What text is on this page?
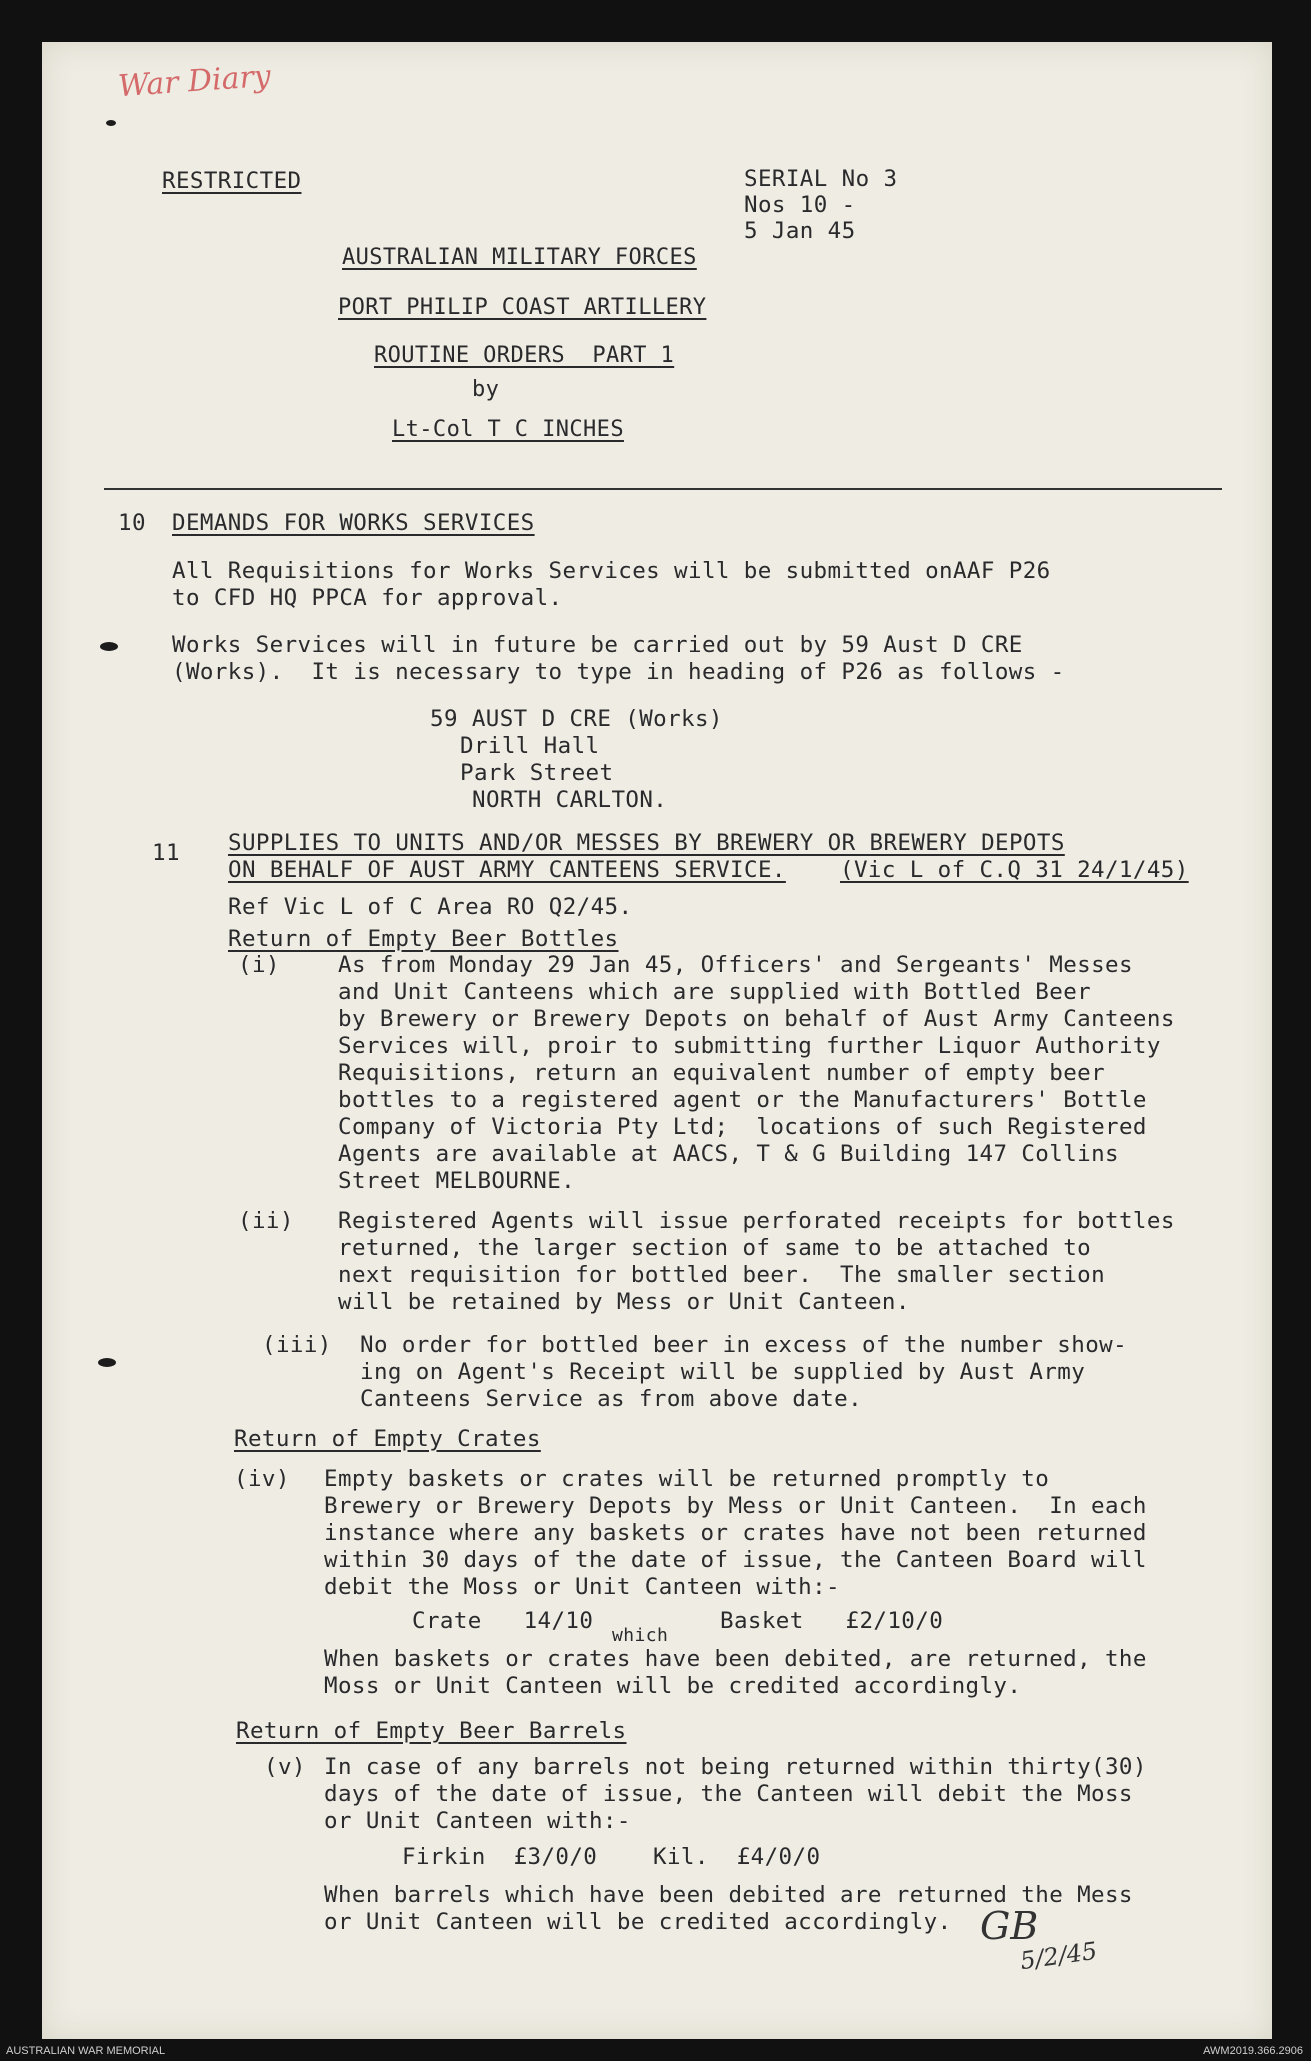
War Diary
RESTRICTED	SERIAL No 3
Nos 10 -
5 Jan 45
AUSTRALIAN MILITARY FORCES
PORT PHILIP COAST ARTILLERY
ROUTINE ORDERS  PART 1
by
Lt-Col T C INCHES
10 DEMANDS FOR WORKS SERVICES
All Requisitions for Works Services will be submitted onAAF P26
to CFD HQ PPCA for approval.
Works Services will in future be carried out by 59 Aust D CRE
(Works).  It is necessary to type in heading of P26 as follows -
59 AUST D CRE (Works)
Drill Hall
Park Street
NORTH CARLTON.
11 SUPPLIES TO UNITS AND/OR MESSES BY BREWERY OR BREWERY DEPOTS
ON BEHALF OF AUST ARMY CANTEENS SERVICE. (Vic L of C.Q 31 24/1/45)
Ref Vic L of C Area RO Q2/45.
Return of Empty Beer Bottles
(i)	As from Monday 29 Jan 45, Officers' and Sergeants' Messes
and Unit Canteens which are supplied with Bottled Beer
by Brewery or Brewery Depots on behalf of Aust Army Canteens
Services will, proir to submitting further Liquor Authority
Requisitions, return an equivalent number of empty beer
bottles to a registered agent or the Manufacturers' Bottle
Company of Victoria Pty Ltd;  locations of such Registered
Agents are available at AACS, T & G Building 147 Collins
Street MELBOURNE.
(ii) Registered Agents will issue perforated receipts for bottles
returned, the larger section of same to be attached to
next requisition for bottled beer.  The smaller section
will be retained by Mess or Unit Canteen.
(iii) No order for bottled beer in excess of the number show-
ing on Agent's Receipt will be supplied by Aust Army
Canteens Service as from above date.
Return of Empty Crates
(iv) Empty baskets or crates will be returned promptly to
Brewery or Brewery Depots by Mess or Unit Canteen.  In each
instance where any baskets or crates have not been returned
within 30 days of the date of issue, the Canteen Board will
debit the Moss or Unit Canteen with:-
Crate   14/10
which
Basket   £2/10/0
When baskets or crates have been debited, are returned, the
Moss or Unit Canteen will be credited accordingly.
Return of Empty Beer Barrels
(v) In case of any barrels not being returned within thirty(30)
days of the date of issue, the Canteen will debit the Moss
or Unit Canteen with:-
Firkin  £3/0/0    Kil.  £4/0/0
When barrels which have been debited are returned the Mess
or Unit Canteen will be credited accordingly. GB
5/2/45
AUSTRALIAN WAR MEMORIAL	AWM2019.366.2906
